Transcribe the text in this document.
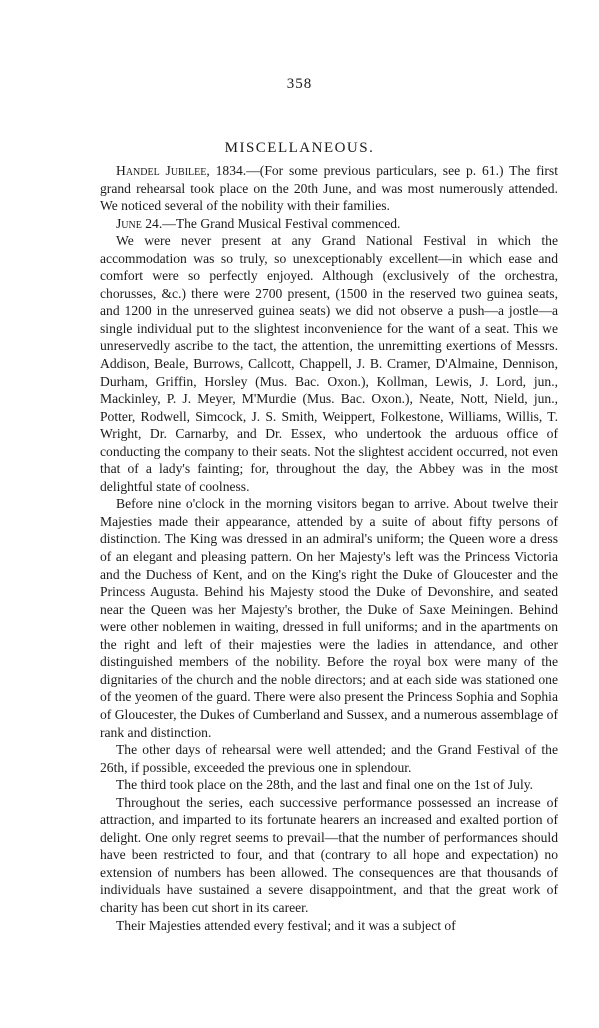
358
MISCELLANEOUS.

Handel Jubilee, 1834.—(For some previous particulars, see p. 61.) The first grand rehearsal took place on the 20th June, and was most numerously attended. We noticed several of the nobility with their families.

June 24.—The Grand Musical Festival commenced.

We were never present at any Grand National Festival in which the accommodation was so truly, so unexceptionably excellent—in which ease and comfort were so perfectly enjoyed. Although (exclusively of the orchestra, chorusses, &c.) there were 2700 present, (1500 in the reserved two guinea seats, and 1200 in the unreserved guinea seats) we did not observe a push—a jostle—a single individual put to the slightest inconvenience for the want of a seat. This we unreservedly ascribe to the tact, the attention, the unremitting exertions of Messrs. Addison, Beale, Burrows, Callcott, Chappell, J. B. Cramer, D'Almaine, Dennison, Durham, Griffin, Horsley (Mus. Bac. Oxon.), Kollman, Lewis, J. Lord, jun., Mackinley, P. J. Meyer, M'Murdie (Mus. Bac. Oxon.), Neate, Nott, Nield, jun., Potter, Rodwell, Simcock, J. S. Smith, Weippert, Folkestone, Williams, Willis, T. Wright, Dr. Carnarby, and Dr. Essex, who undertook the arduous office of conducting the company to their seats. Not the slightest accident occurred, not even that of a lady's fainting; for, throughout the day, the Abbey was in the most delightful state of coolness.

Before nine o'clock in the morning visitors began to arrive. About twelve their Majesties made their appearance, attended by a suite of about fifty persons of distinction. The King was dressed in an admiral's uniform; the Queen wore a dress of an elegant and pleasing pattern. On her Majesty's left was the Princess Victoria and the Duchess of Kent, and on the King's right the Duke of Gloucester and the Princess Augusta. Behind his Majesty stood the Duke of Devonshire, and seated near the Queen was her Majesty's brother, the Duke of Saxe Meiningen. Behind were other noblemen in waiting, dressed in full uniforms; and in the apartments on the right and left of their majesties were the ladies in attendance, and other distinguished members of the nobility. Before the royal box were many of the dignitaries of the church and the noble directors; and at each side was stationed one of the yeomen of the guard. There were also present the Princess Sophia and Sophia of Gloucester, the Dukes of Cumberland and Sussex, and a numerous assemblage of rank and distinction.

The other days of rehearsal were well attended; and the Grand Festival of the 26th, if possible, exceeded the previous one in splendour.

The third took place on the 28th, and the last and final one on the 1st of July.

Throughout the series, each successive performance possessed an increase of attraction, and imparted to its fortunate hearers an increased and exalted portion of delight. One only regret seems to prevail—that the number of performances should have been restricted to four, and that (contrary to all hope and expectation) no extension of numbers has been allowed. The consequences are that thousands of individuals have sustained a severe disappointment, and that the great work of charity has been cut short in its career.

Their Majesties attended every festival; and it was a subject of
